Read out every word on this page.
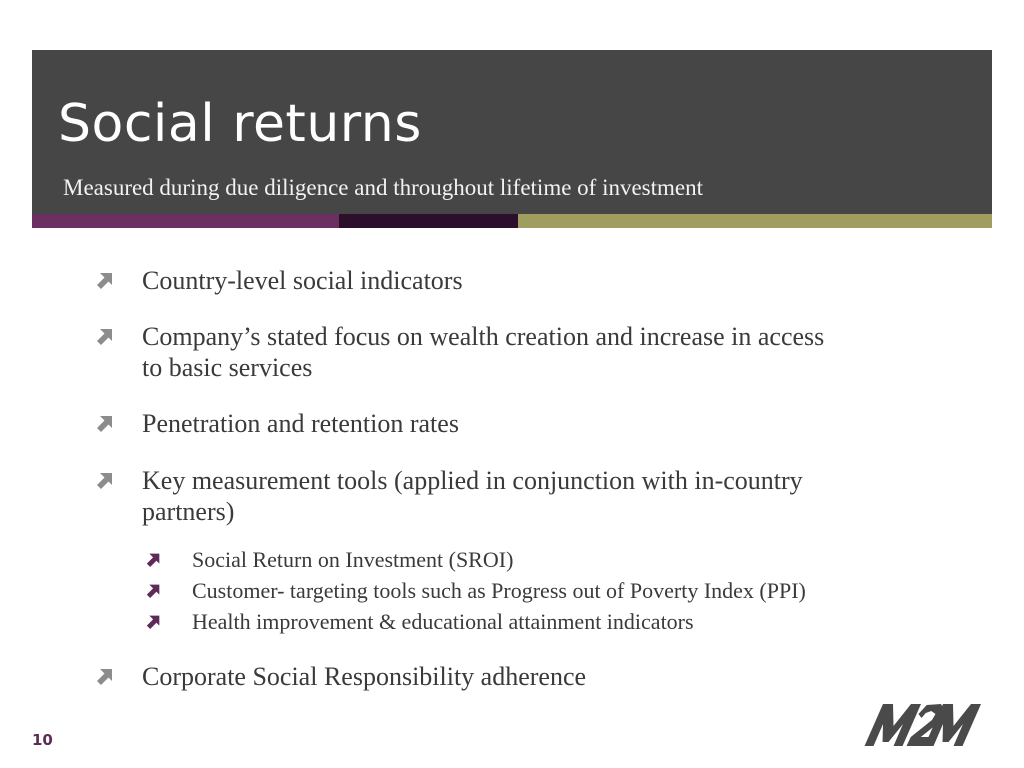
Social returns

Measured during due diligence and throughout lifetime of investment

Country-level social indicators
Company’s stated focus on wealth creation and increase in access
to basic services
Penetration and retention rates
Key measurement tools (applied in conjunction with in-country
partners)
Social Return on Investment (SROI)
Customer- targeting tools such as Progress out of Poverty Index (PPI)
Health improvement & educational attainment indicators
Corporate Social Responsibility adherence
10
